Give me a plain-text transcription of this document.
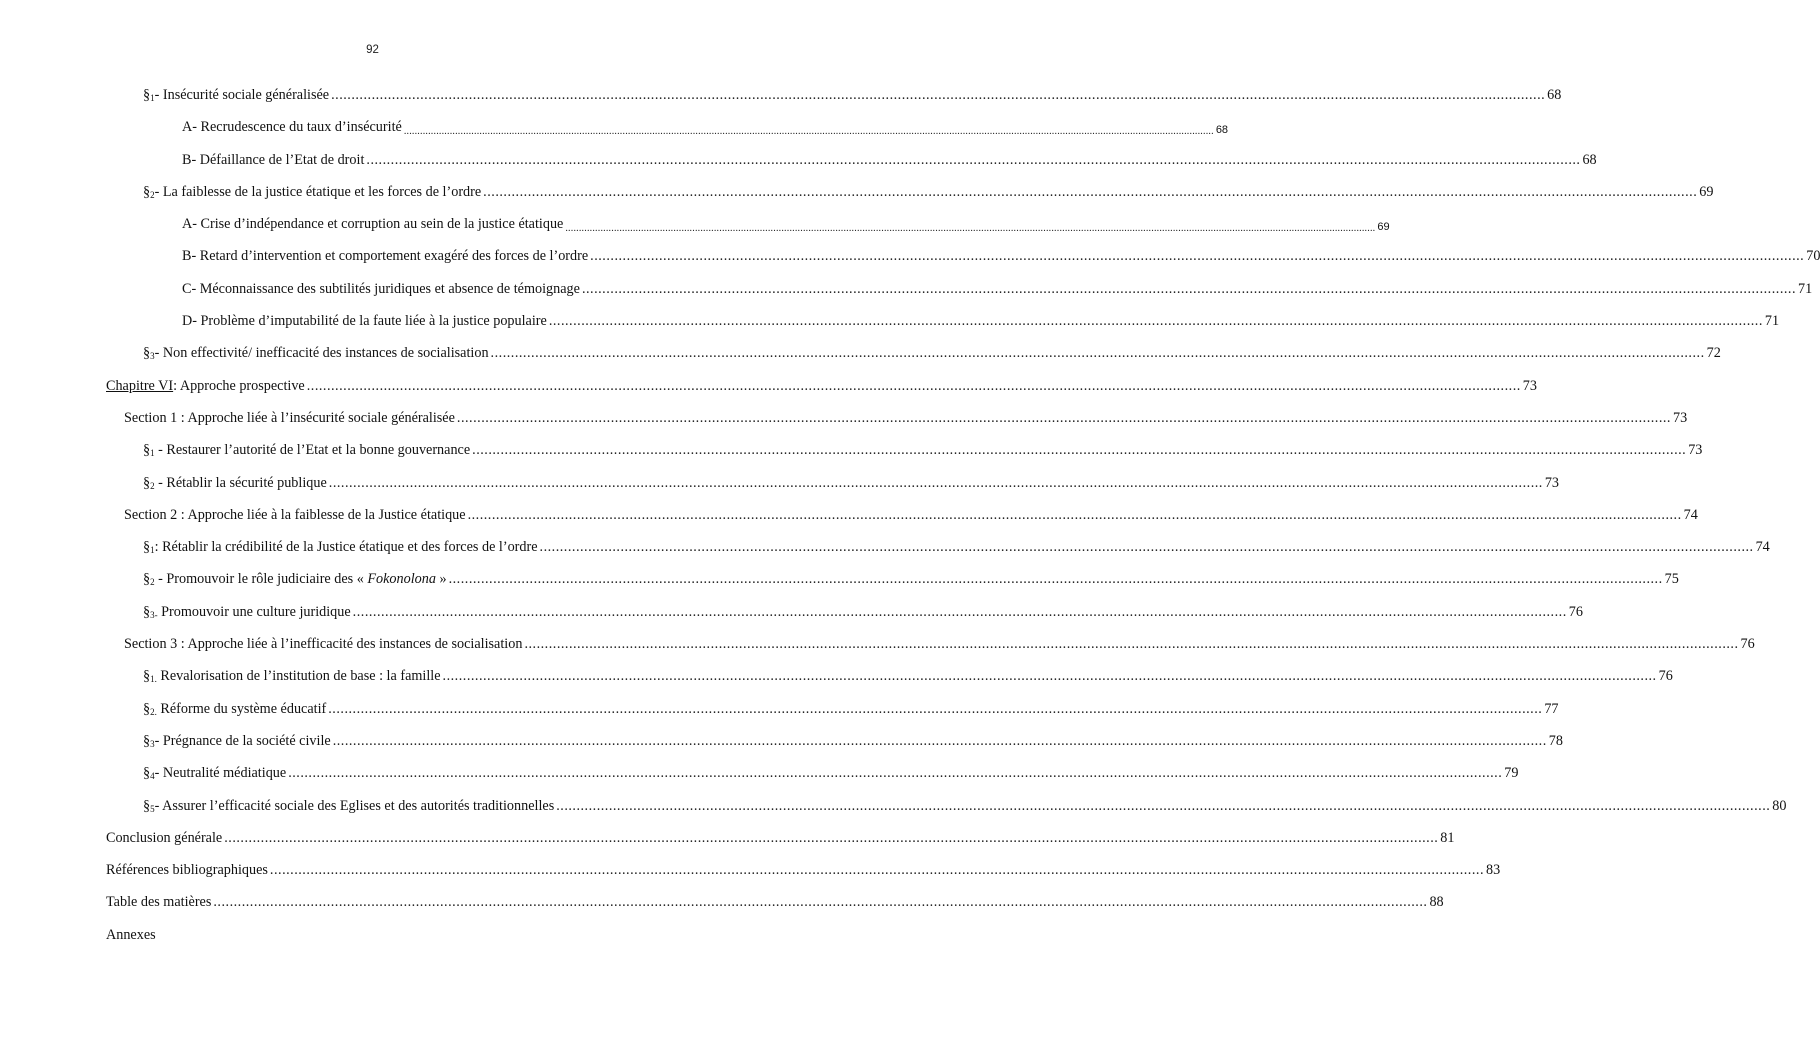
92
$\S_1-$ Insécurité sociale généralisée ............................................................................................................................................................................................................................................................................................................ 68
A- Recrudescence du taux d’insécurité ............................................................................................................................................................................................................................................................................................................ 68
B- Défaillance de l’Etat de droit ............................................................................................................................................................................................................................................................................................................ 68
$\S_2-$ La faiblesse de la justice étatique et les forces de l’ordre ............................................................................................................................................................................................................................................................................................................ 69
A- Crise d’indépendance et corruption au sein de la justice étatique ............................................................................................................................................................................................................................................................................................................ 69
B- Retard d’intervention et comportement exagéré des forces de l’ordre ............................................................................................................................................................................................................................................................................................................ 70
C- Méconnaissance des subtilités juridiques et absence de témoignage ............................................................................................................................................................................................................................................................................................................ 71
D- Problème d’imputabilité de la faute liée à la justice populaire ............................................................................................................................................................................................................................................................................................................ 71
$\S_3-$ Non effectivité/ inefficacité des instances de socialisation ............................................................................................................................................................................................................................................................................................................ 72
Chapitre VI: Approche prospective ............................................................................................................................................................................................................................................................................................................ 73
Section 1 : Approche liée à l’insécurité sociale généralisée ............................................................................................................................................................................................................................................................................................................ 73
$\S_1$ - Restaurer l’autorité de l’Etat et la bonne gouvernance ............................................................................................................................................................................................................................................................................................................ 73
$\S_2$ - Rétablir la sécurité publique ............................................................................................................................................................................................................................................................................................................ 73
Section 2 : Approche liée à la faiblesse de la Justice étatique ............................................................................................................................................................................................................................................................................................................ 74
$\S_1$: Rétablir la crédibilité de la Justice étatique et des forces de l’ordre ............................................................................................................................................................................................................................................................................................................ 74
$\S_2$ - Promouvoir le rôle judiciaire des « Fokonolona » ............................................................................................................................................................................................................................................................................................................ 75
$\S_{3-}$ Promouvoir une culture juridique ............................................................................................................................................................................................................................................................................................................ 76
Section 3 : Approche liée à l’inefficacité des instances de socialisation ............................................................................................................................................................................................................................................................................................................ 76
$\S_{1.}$ Revalorisation de l’institution de base : la famille ............................................................................................................................................................................................................................................................................................................ 76
$\S_{2.}$ Réforme du système éducatif ............................................................................................................................................................................................................................................................................................................ 77
$\S_3-$ Prégnance de la société civile ............................................................................................................................................................................................................................................................................................................ 78
$\S_4-$ Neutralité médiatique ............................................................................................................................................................................................................................................................................................................ 79
$\S_5-$ Assurer l’efficacité sociale des Eglises et des autorités traditionnelles ............................................................................................................................................................................................................................................................................................................ 80
Conclusion générale ............................................................................................................................................................................................................................................................................................................ 81
Références bibliographiques ............................................................................................................................................................................................................................................................................................................ 83
Table des matières ............................................................................................................................................................................................................................................................................................................ 88
Annexes
